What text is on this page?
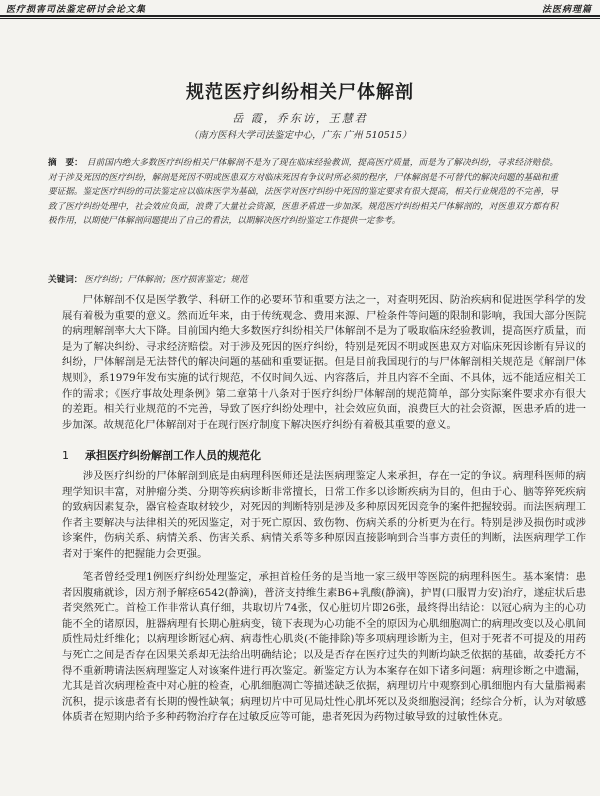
医疗损害司法鉴定研讨会论文集	法医病理篇
规范医疗纠纷相关尸体解剖
岳 霞，乔东访，王慧君
（南方医科大学司法鉴定中心，广东 广州 510515）

摘　要： 目前国内绝大多数医疗纠纷相关尸体解剖不是为了现在临床经验教训，提高医疗质量，而是为了解决纠纷，寻求经济赔偿。对于涉及死因的医疗纠纷，解剖是死因不明或医患双方对临床死因有争议时所必须的程序，尸体解剖是不可替代的解决问题的基础和重要证据。鉴定医疗纠纷的司法鉴定应以临床医学为基础，法医学对医疗纠纷中死因的鉴定要求有很大提高，相关行业规范的不完善，导致了医疗纠纷处理中，社会效应负面，浪费了大量社会资源，医患矛盾进一步加深。规范医疗纠纷相关尸体解剖的，对医患双方都有积极作用，以期使尸体解剖问题提出了自己的看法，以期解决医疗纠纷鉴定工作提供一定参考。

关键词： 医疗纠纷；尸体解剖；医疗损害鉴定；规范

尸体解剖不仅是医学教学、科研工作的必要环节和重要方法之一，对查明死因、防治疾病和促进医学科学的发展有着极为重要的意义。然而近年来，由于传统观念、费用来源、尸检条件等问题的限制和影响，我国大部分医院的病理解剖率大大下降。目前国内绝大多数医疗纠纷相关尸体解剖不是为了吸取临床经验教训，提高医疗质量，而是为了解决纠纷、寻求经济赔偿。对于涉及死因的医疗纠纷，特别是死因不明或医患双方对临床死因诊断有异议的纠纷，尸体解剖是无法替代的解决问题的基础和重要证据。但是目前我国现行的与尸体解剖相关规范是《解剖尸体规则》，系1979年发布实施的试行规范，不仅时间久远、内容落后，并且内容不全面、不具体，远不能适应相关工作的需求；《医疗事故处理条例》第二章第十八条对于医疗纠纷尸体解剖的规范简单，部分实际案件要求亦有很大的差距。相关行业规范的不完善，导致了医疗纠纷处理中，社会效应负面，浪费巨大的社会资源，医患矛盾的进一步加深。故规范化尸体解剖对于在现行医疗制度下解决医疗纠纷有着极其重要的意义。

1 承担医疗纠纷解剖工作人员的规范化

涉及医疗纠纷的尸体解剖到底是由病理科医师还是法医病理鉴定人来承担，存在一定的争议。病理科医师的病理学知识丰富，对肿瘤分类、分期等疾病诊断非常擅长，日常工作多以诊断疾病为目的，但由于心、脑等猝死疾病的致病因素复杂，器官检查取材较少，对死因的判断特别是涉及多种原因死因竞争的案件把握较弱。而法医病理工作者主要解决与法律相关的死因鉴定，对于死亡原因、致伤物、伤病关系的分析更为在行。特别是涉及损伤时或涉诊案件，伤病关系、病情关系、伤害关系、病情关系等多种原因直接影响到合当事方责任的判断，法医病理学工作者对于案件的把握能力会更强。

笔者曾经受理1例医疗纠纷处理鉴定，承担首检任务的是当地一家三级甲等医院的病理科医生。基本案情：患者因腹痛就诊，因方剂予解痉6542(静滴)，普济支持维生素B6+乳酸(静滴)，护胃(口服胃力安)治疗，遂症状后患者突然死亡。首检工作非常认真仔细，共取切片74张，仅心脏切片即26张，最终得出结论：以冠心病为主的心功能不全的诸原因，脏器病理有长期心脏病变，镜下表现为心功能不全的原因为心肌细胞凋亡的病理改变以及心肌间质性局灶纤维化；以病理诊断冠心病、病毒性心肌炎(不能排除)等多项病理诊断为主，但对于死者不可提及的用药与死亡之间是否存在因果关系却无法给出明确结论；以及是否存在医疗过失的判断均缺乏依据的基础，故委托方不得不重新聘请法医病理鉴定人对该案件进行再次鉴定。新鉴定方认为本案存在如下诸多问题：病理诊断之中遗漏，尤其是首次病理检查中对心脏的检查，心肌细胞凋亡等描述缺乏依据，病理切片中观察到心肌细胞内有大量脂褐素沉积，提示该患者有长期的慢性缺氧；病理切片中可见局灶性心肌坏死以及炎细胞浸润；经综合分析，认为对敏感体质者在短期内给予多种药物治疗存在过敏反应等可能，患者死因为药物过敏导致的过敏性休克。
